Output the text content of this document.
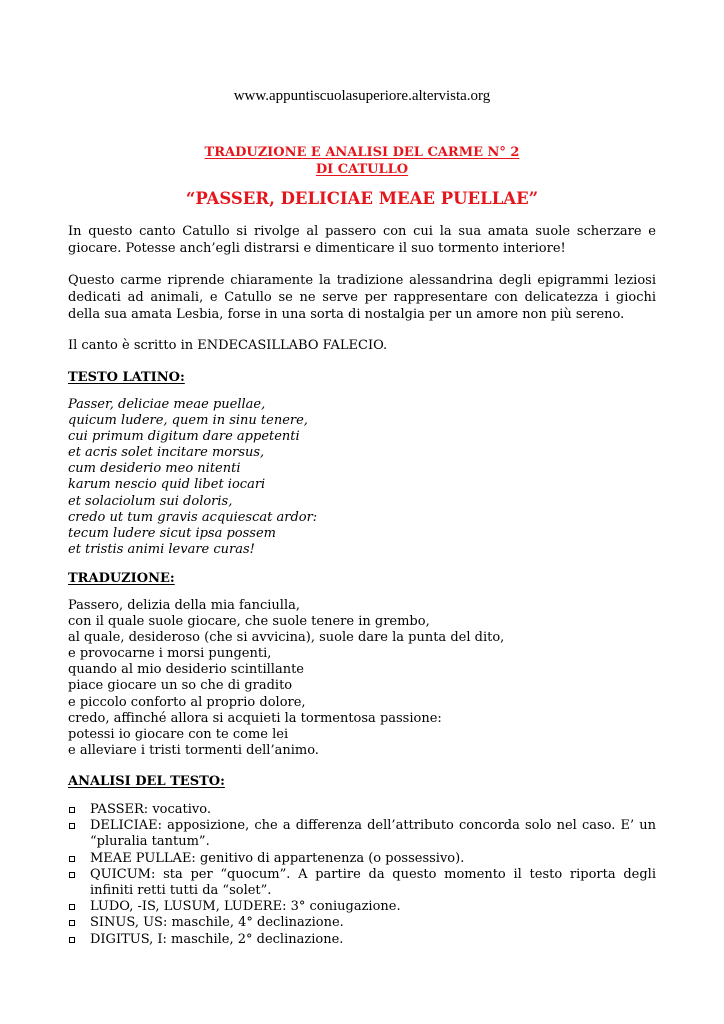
www.appuntiscuolasuperiore.altervista.org
TRADUZIONE E ANALISI DEL CARME N° 2
DI CATULLO
“PASSER, DELICIAE MEAE PUELLAE”
In questo canto Catullo si rivolge al passero con cui la sua amata suole scherzare e giocare. Potesse anch’egli distrarsi e dimenticare il suo tormento interiore!
Questo carme riprende chiaramente la tradizione alessandrina degli epigrammi leziosi dedicati ad animali, e Catullo se ne serve per rappresentare con delicatezza i giochi della sua amata Lesbia, forse in una sorta di nostalgia per un amore non più sereno.
Il canto è scritto in ENDECASILLABO FALECIO.
TESTO LATINO:
Passer, deliciae meae puellae,
quicum ludere, quem in sinu tenere,
cui primum digitum dare appetenti
et acris solet incitare morsus,
cum desiderio meo nitenti
karum nescio quid libet iocari
et solaciolum sui doloris,
credo ut tum gravis acquiescat ardor:
tecum ludere sicut ipsa possem
et tristis animi levare curas!
TRADUZIONE:
Passero, delizia della mia fanciulla,
con il quale suole giocare, che suole tenere in grembo,
al quale, desideroso (che si avvicina), suole dare la punta del dito,
e provocarne i morsi pungenti,
quando al mio desiderio scintillante
piace giocare un so che di gradito
e piccolo conforto al proprio dolore,
credo, affinché allora si acquieti la tormentosa passione:
potessi io giocare con te come lei
e alleviare i tristi tormenti dell’animo.
ANALISI DEL TESTO:
PASSER: vocativo.
DELICIAE: apposizione, che a differenza dell’attributo concorda solo nel caso. E’ un “pluralia tantum”.
MEAE PULLAE: genitivo di appartenenza (o possessivo).
QUICUM: sta per “quocum”. A partire da questo momento il testo riporta degli infiniti retti tutti da “solet”.
LUDO, -IS, LUSUM, LUDERE: 3° coniugazione.
SINUS, US: maschile, 4° declinazione.
DIGITUS, I: maschile, 2° declinazione.
